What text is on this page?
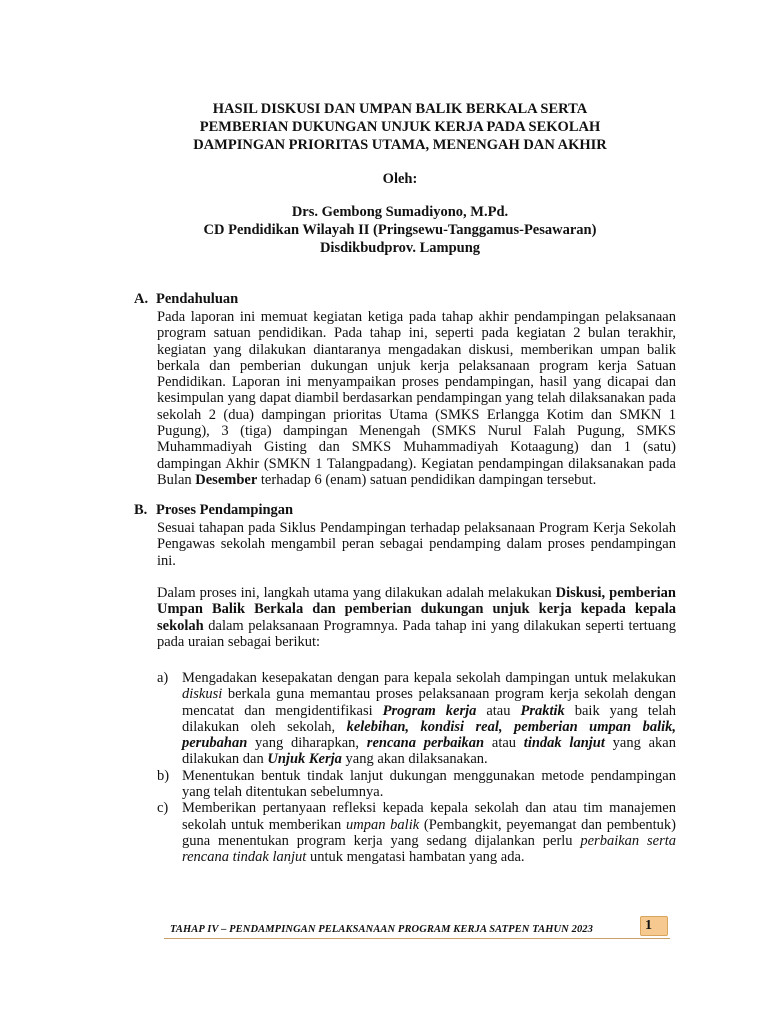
HASIL DISKUSI DAN UMPAN BALIK BERKALA SERTA
PEMBERIAN DUKUNGAN UNJUK KERJA PADA SEKOLAH
DAMPINGAN PRIORITAS UTAMA, MENENGAH DAN AKHIR
Oleh:
Drs. Gembong Sumadiyono, M.Pd.
CD Pendidikan Wilayah II (Pringsewu-Tanggamus-Pesawaran)
Disdikbudprov. Lampung
A. Pendahuluan
Pada laporan ini memuat kegiatan ketiga pada tahap akhir pendampingan pelaksanaan program satuan pendidikan. Pada tahap ini, seperti pada kegiatan 2 bulan terakhir, kegiatan yang dilakukan diantaranya mengadakan diskusi, memberikan umpan balik berkala dan pemberian dukungan unjuk kerja pelaksanaan program kerja Satuan Pendidikan. Laporan ini menyampaikan proses pendampingan, hasil yang dicapai dan kesimpulan yang dapat diambil berdasarkan pendampingan yang telah dilaksanakan pada sekolah 2 (dua) dampingan prioritas Utama (SMKS Erlangga Kotim dan SMKN 1 Pugung), 3 (tiga) dampingan Menengah (SMKS Nurul Falah Pugung, SMKS Muhammadiyah Gisting dan SMKS Muhammadiyah Kotaagung) dan 1 (satu) dampingan Akhir (SMKN 1 Talangpadang). Kegiatan pendampingan dilaksanakan pada Bulan Desember terhadap 6 (enam) satuan pendidikan dampingan tersebut.
B. Proses Pendampingan
Sesuai tahapan pada Siklus Pendampingan terhadap pelaksanaan Program Kerja Sekolah Pengawas sekolah mengambil peran sebagai pendamping dalam proses pendampingan ini.
Dalam proses ini, langkah utama yang dilakukan adalah melakukan Diskusi, pemberian Umpan Balik Berkala dan pemberian dukungan unjuk kerja kepada kepala sekolah dalam pelaksanaan Programnya. Pada tahap ini yang dilakukan seperti tertuang pada uraian sebagai berikut:
a) Mengadakan kesepakatan dengan para kepala sekolah dampingan untuk melakukan diskusi berkala guna memantau proses pelaksanaan program kerja sekolah dengan mencatat dan mengidentifikasi Program kerja atau Praktik baik yang telah dilakukan oleh sekolah, kelebihan, kondisi real, pemberian umpan balik, perubahan yang diharapkan, rencana perbaikan atau tindak lanjut yang akan dilakukan dan Unjuk Kerja yang akan dilaksanakan.
b) Menentukan bentuk tindak lanjut dukungan menggunakan metode pendampingan yang telah ditentukan sebelumnya.
c) Memberikan pertanyaan refleksi kepada kepala sekolah dan atau tim manajemen sekolah untuk memberikan umpan balik (Pembangkit, peyemangat dan pembentuk) guna menentukan program kerja yang sedang dijalankan perlu perbaikan serta rencana tindak lanjut untuk mengatasi hambatan yang ada.
TAHAP IV – PENDAMPINGAN PELAKSANAAN PROGRAM KERJA SATPEN TAHUN 2023	1
